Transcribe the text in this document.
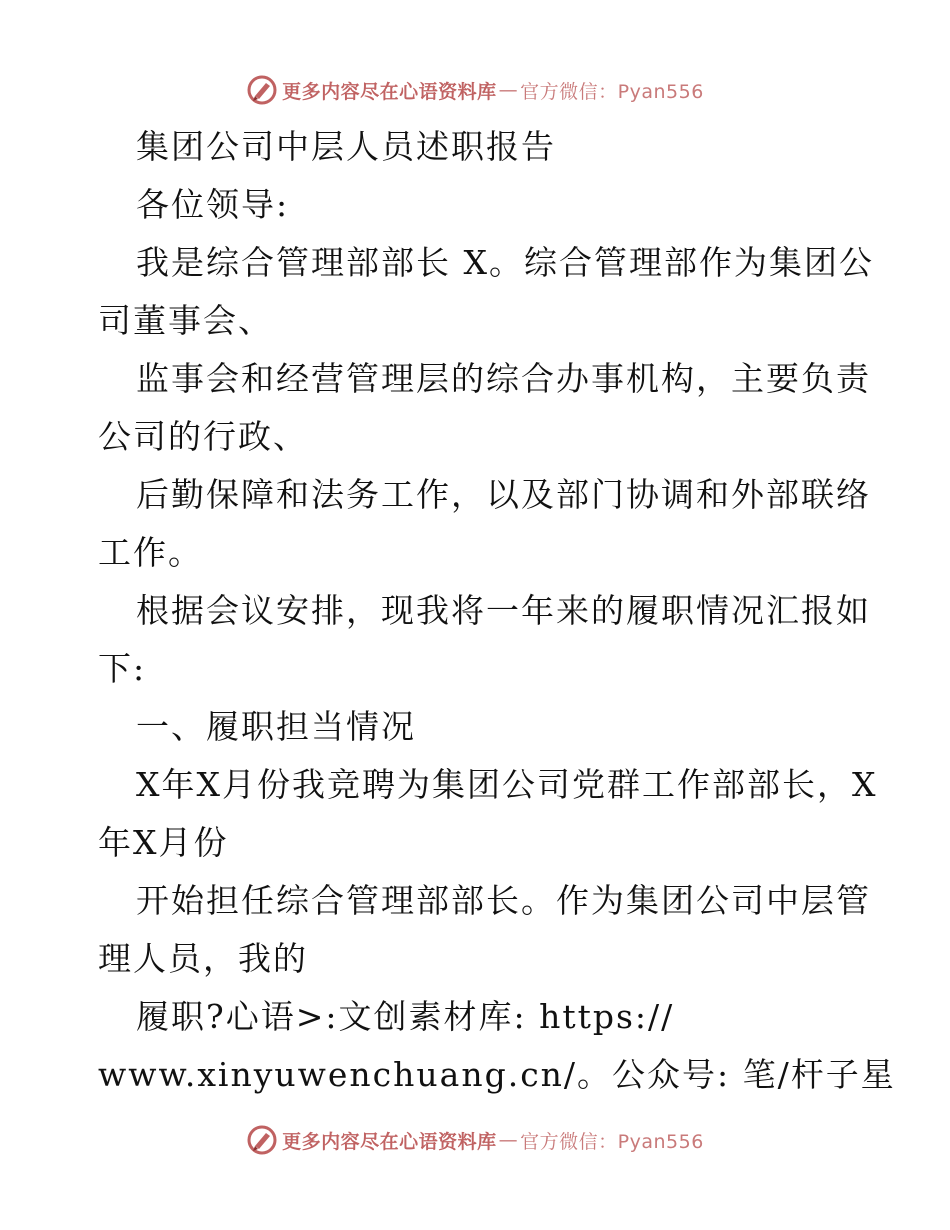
更多内容尽在心语资料库 — 官方微信：Pyan556
集团公司中层人员述职报告
各位领导:
我是综合管理部部长 X。综合管理部作为集团公
司董事会、
监事会和经营管理层的综合办事机构，主要负责
公司的行政、
后勤保障和法务工作，以及部门协调和外部联络
工作。
根据会议安排，现我将一年来的履职情况汇报如
下:
一、履职担当情况
X年X月份我竞聘为集团公司党群工作部部长，X
年X月份
开始担任综合管理部部长。作为集团公司中层管
理人员，我的
履职?心语>:文创素材库: https://
www.xinyuwenchuang.cn/。公众号: 笔/杆子星
更多内容尽在心语资料库 — 官方微信：Pyan556
